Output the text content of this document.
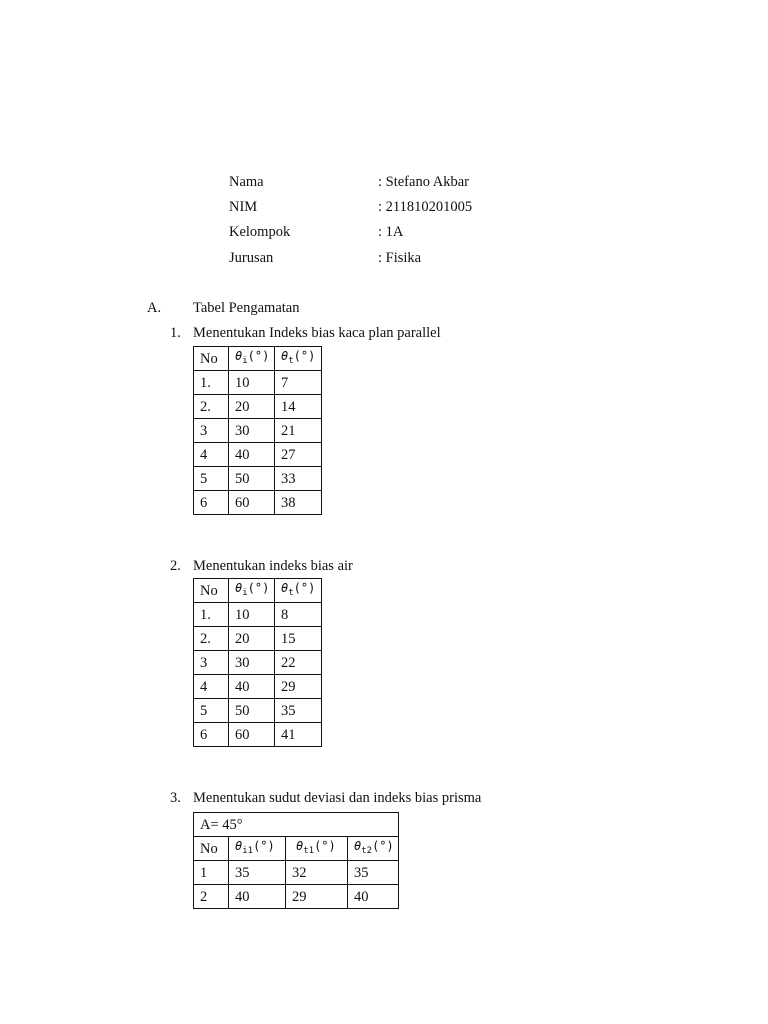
Nama	: Stefano Akbar
NIM	: 211810201005
Kelompok	: 1A
Jurusan	: Fisika
A. Tabel Pengamatan
1. Menentukan Indeks bias kaca plan parallel
No	$\theta_i(^\circ)$	$\theta_t(^\circ)$
1.	10	7
2.	20	14
3	30	21
4	40	27
5	50	33
6	60	38
2. Menentukan indeks bias air
No	$\theta_i(^\circ)$	$\theta_t(^\circ)$
1.	10	8
2.	20	15
3	30	22
4	40	29
5	50	35
6	60	41
3. Menentukan sudut deviasi dan indeks bias prisma
A= 45°			
No	$\theta_{i1}(^\circ)$	$\theta_{t1}(^\circ)$	$\theta_{t2}(^\circ)$
1	35	32	35
2	40	29	40
